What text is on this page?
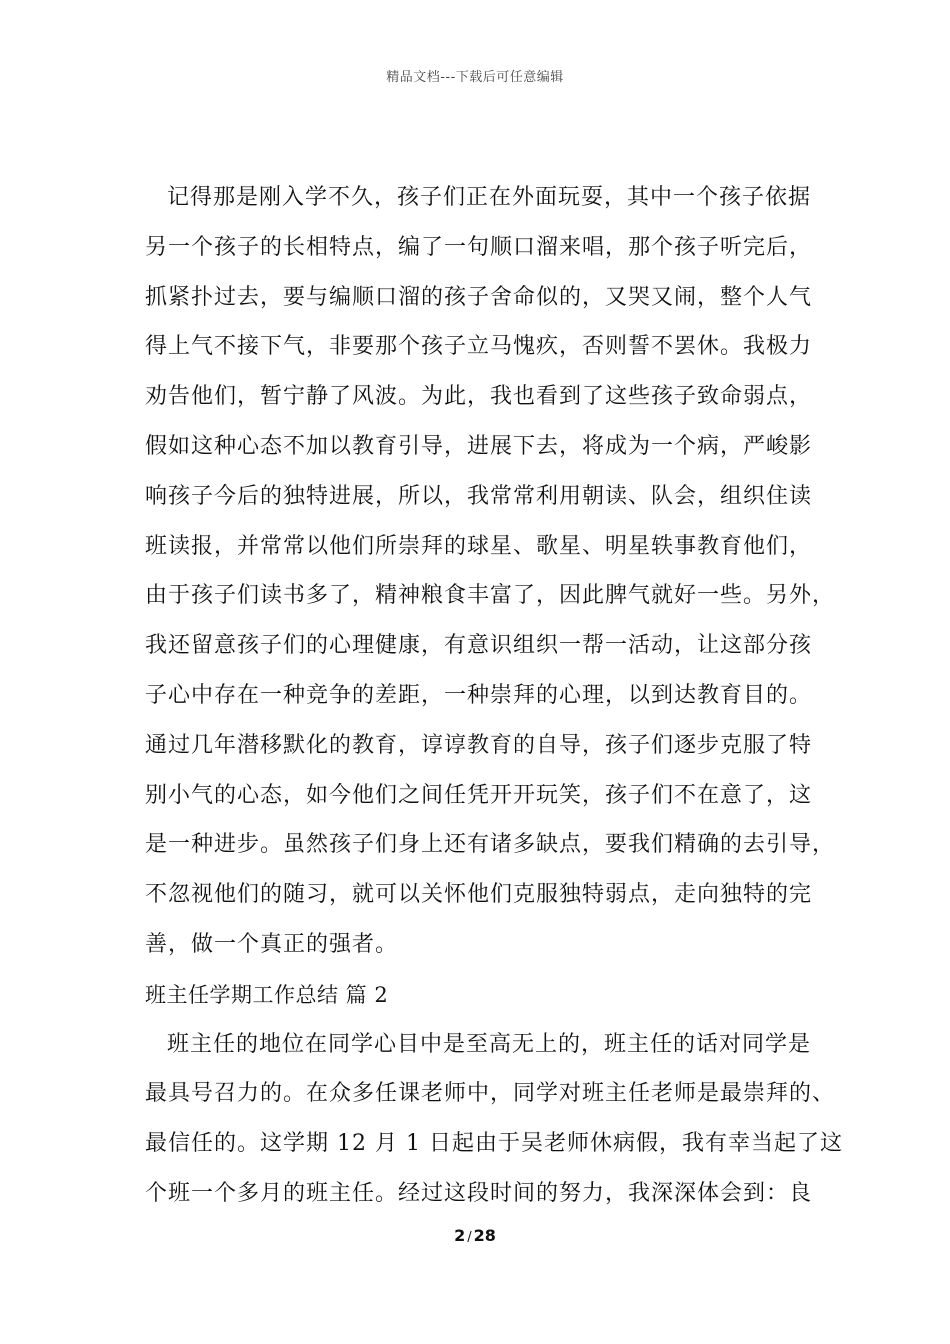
精品文档---下载后可任意编辑
记得那是刚入学不久，孩子们正在外面玩耍，其中一个孩子依据
另一个孩子的长相特点，编了一句顺口溜来唱，那个孩子听完后，
抓紧扑过去，要与编顺口溜的孩子舍命似的，又哭又闹，整个人气
得上气不接下气，非要那个孩子立马愧疚，否则誓不罢休。我极力
劝告他们，暂宁静了风波。为此，我也看到了这些孩子致命弱点，
假如这种心态不加以教育引导，进展下去，将成为一个病，严峻影
响孩子今后的独特进展，所以，我常常利用朝读、队会，组织住读
班读报，并常常以他们所崇拜的球星、歌星、明星轶事教育他们，
由于孩子们读书多了，精神粮食丰富了，因此脾气就好一些。另外，
我还留意孩子们的心理健康，有意识组织一帮一活动，让这部分孩
子心中存在一种竞争的差距，一种崇拜的心理，以到达教育目的。
通过几年潜移默化的教育，谆谆教育的自导，孩子们逐步克服了特
别小气的心态，如今他们之间任凭开开玩笑，孩子们不在意了，这
是一种进步。虽然孩子们身上还有诸多缺点，要我们精确的去引导，
不忽视他们的随习，就可以关怀他们克服独特弱点，走向独特的完
善，做一个真正的强者。
班主任学期工作总结 篇 2
班主任的地位在同学心目中是至高无上的，班主任的话对同学是
最具号召力的。在众多任课老师中，同学对班主任老师是最崇拜的、
最信任的。这学期 12 月 1 日起由于吴老师休病假，我有幸当起了这
个班一个多月的班主任。经过这段时间的努力，我深深体会到：良
2 / 28
